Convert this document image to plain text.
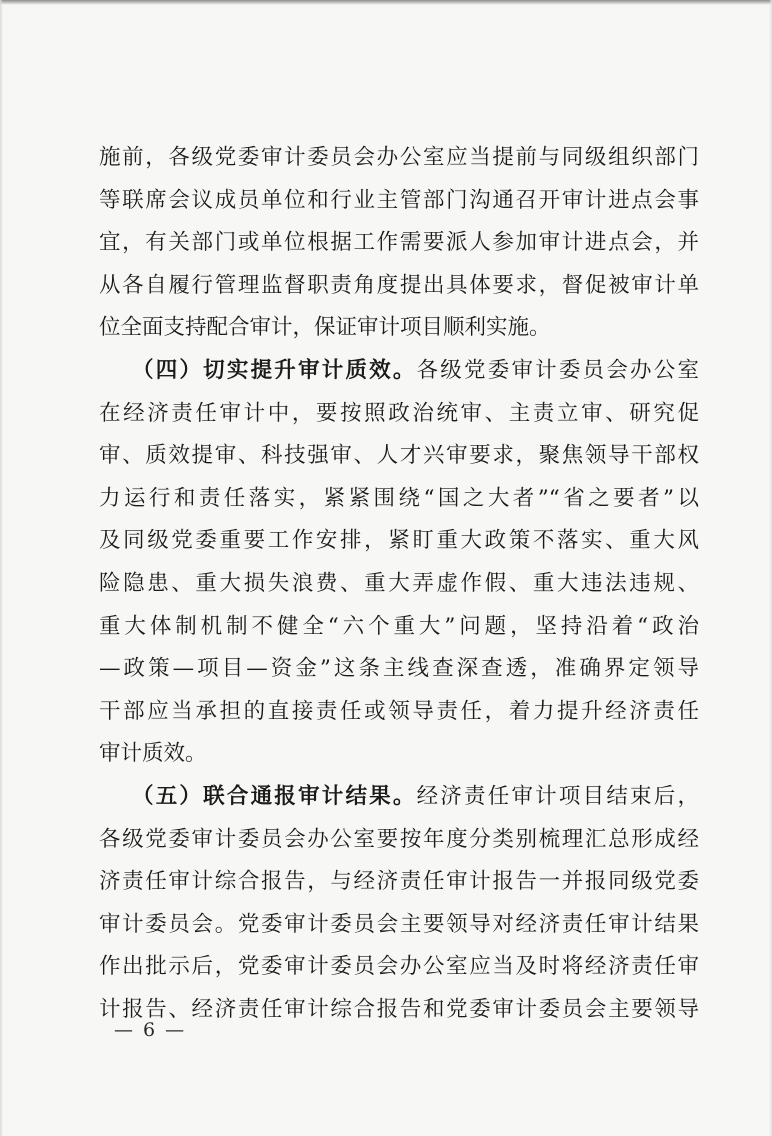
施前，各级党委审计委员会办公室应当提前与同级组织部门
等联席会议成员单位和行业主管部门沟通召开审计进点会事
宜，有关部门或单位根据工作需要派人参加审计进点会，并
从各自履行管理监督职责角度提出具体要求，督促被审计单
位全面支持配合审计，保证审计项目顺利实施。
（四）切实提升审计质效。各级党委审计委员会办公室
在经济责任审计中，要按照政治统审、主责立审、研究促
审、质效提审、科技强审、人才兴审要求，聚焦领导干部权
力运行和责任落实，紧紧围绕“国之大者”“省之要者”以
及同级党委重要工作安排，紧盯重大政策不落实、重大风
险隐患、重大损失浪费、重大弄虚作假、重大违法违规、
重大体制机制不健全“六个重大”问题，坚持沿着“政治
—政策—项目—资金”这条主线查深查透，准确界定领导
干部应当承担的直接责任或领导责任，着力提升经济责任
审计质效。
（五）联合通报审计结果。经济责任审计项目结束后，
各级党委审计委员会办公室要按年度分类别梳理汇总形成经
济责任审计综合报告，与经济责任审计报告一并报同级党委
审计委员会。党委审计委员会主要领导对经济责任审计结果
作出批示后，党委审计委员会办公室应当及时将经济责任审
计报告、经济责任审计综合报告和党委审计委员会主要领导
— 6 —
